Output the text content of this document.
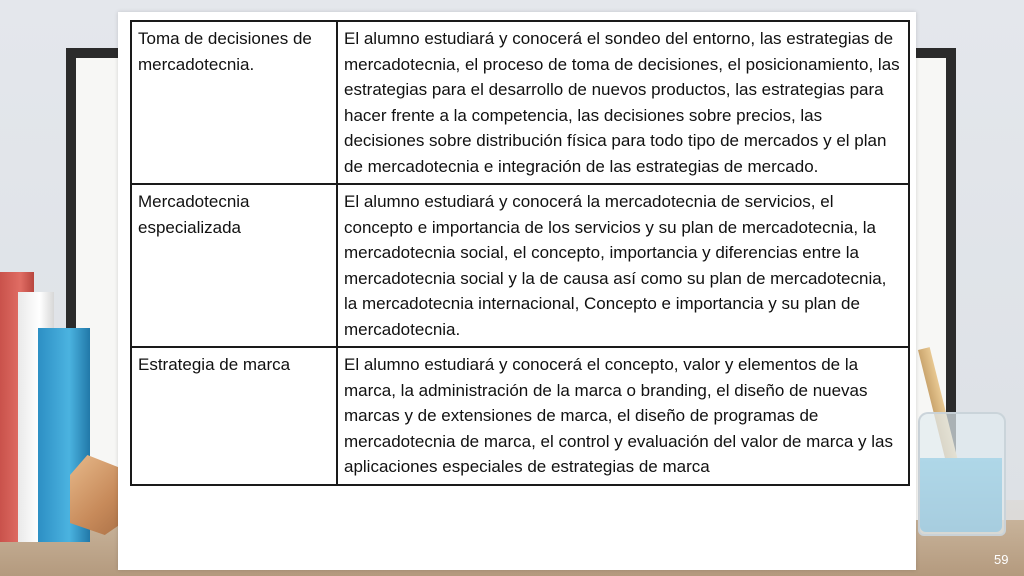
Toma de decisiones de mercadotecnia.	El alumno estudiará y conocerá el sondeo del entorno, las estrategias de mercadotecnia, el proceso de toma de decisiones, el posicionamiento, las estrategias para el desarrollo de nuevos productos, las estrategias para hacer frente a la competencia, las decisiones sobre precios, las decisiones sobre distribución física para todo tipo de mercados y el plan de mercadotecnia e integración de las estrategias de mercado.
Mercadotecnia especializada	El alumno estudiará y conocerá la mercadotecnia de servicios, el concepto e importancia de los servicios y su plan de mercadotecnia, la mercadotecnia social, el concepto, importancia y diferencias entre la mercadotecnia social y la de causa así como su plan de mercadotecnia, la mercadotecnia internacional, Concepto e importancia y su plan de mercadotecnia.
Estrategia de marca	El alumno estudiará y conocerá el concepto, valor y elementos de la marca, la administración de la marca o branding, el diseño de nuevas marcas y de extensiones de marca, el diseño de programas de mercadotecnia de marca, el control y evaluación del valor de marca y las aplicaciones especiales de estrategias de marca
59
